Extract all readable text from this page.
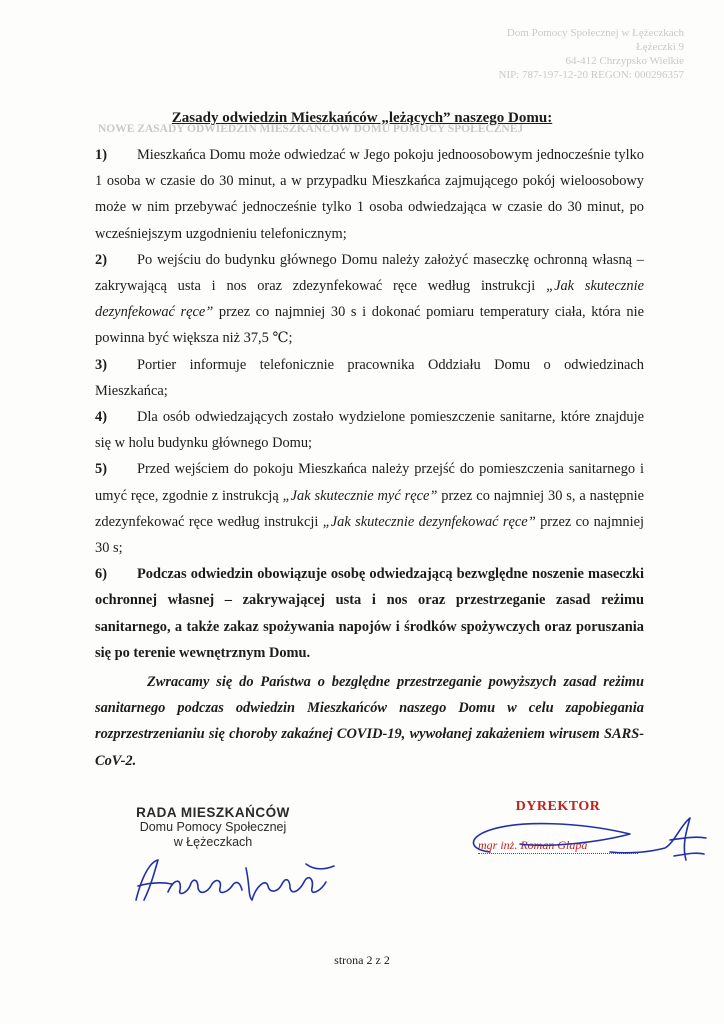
Dom Pomocy Społecznej w Łężeczkach
Łężeczki 9
64-412 Chrzypsko Wielkie
NIP: 787-197-12-20 REGON: 000296357
NOWE ZASADY ODWIEDZIN MIESZKAŃCÓW DOMU POMOCY SPOŁECZNEJ
Zasady odwiedzin Mieszkańców „leżących” naszego Domu:

1) Mieszkańca Domu może odwiedzać w Jego pokoju jednoosobowym jednocześnie tylko 1 osoba w czasie do 30 minut, a w przypadku Mieszkańca zajmującego pokój wieloosobowy może w nim przebywać jednocześnie tylko 1 osoba odwiedzająca w czasie do 30 minut, po wcześniejszym uzgodnieniu telefonicznym;

2) Po wejściu do budynku głównego Domu należy założyć maseczkę ochronną własną – zakrywającą usta i nos oraz zdezynfekować ręce według instrukcji „Jak skutecznie dezynfekować ręce” przez co najmniej 30 s i dokonać pomiaru temperatury ciała, która nie powinna być większa niż 37,5 ℃;

3) Portier informuje telefonicznie pracownika Oddziału Domu o odwiedzinach Mieszkańca;

4) Dla osób odwiedzających zostało wydzielone pomieszczenie sanitarne, które znajduje się w holu budynku głównego Domu;

5) Przed wejściem do pokoju Mieszkańca należy przejść do pomieszczenia sanitarnego i umyć ręce, zgodnie z instrukcją „Jak skutecznie myć ręce” przez co najmniej 30 s, a następnie zdezynfekować ręce według instrukcji „Jak skutecznie dezynfekować ręce” przez co najmniej 30 s;

6) Podczas odwiedzin obowiązuje osobę odwiedzającą bezwględne noszenie maseczki ochronnej własnej – zakrywającej usta i nos oraz przestrzeganie zasad reżimu sanitarnego, a także zakaz spożywania napojów i środków spożywczych oraz poruszania się po terenie wewnętrznym Domu.

Zwracamy się do Państwa o bezględne przestrzeganie powyższych zasad reżimu sanitarnego podczas odwiedzin Mieszkańców naszego Domu w celu zapobiegania rozprzestrzenianiu się choroby zakaźnej COVID-19, wywołanej zakażeniem wirusem SARS-CoV-2.
RADA MIESZKAŃCÓW
Domu Pomocy Społecznej
w Łężeczkach
DYREKTOR
mgr inż. Roman Glapa
strona 2 z 2
